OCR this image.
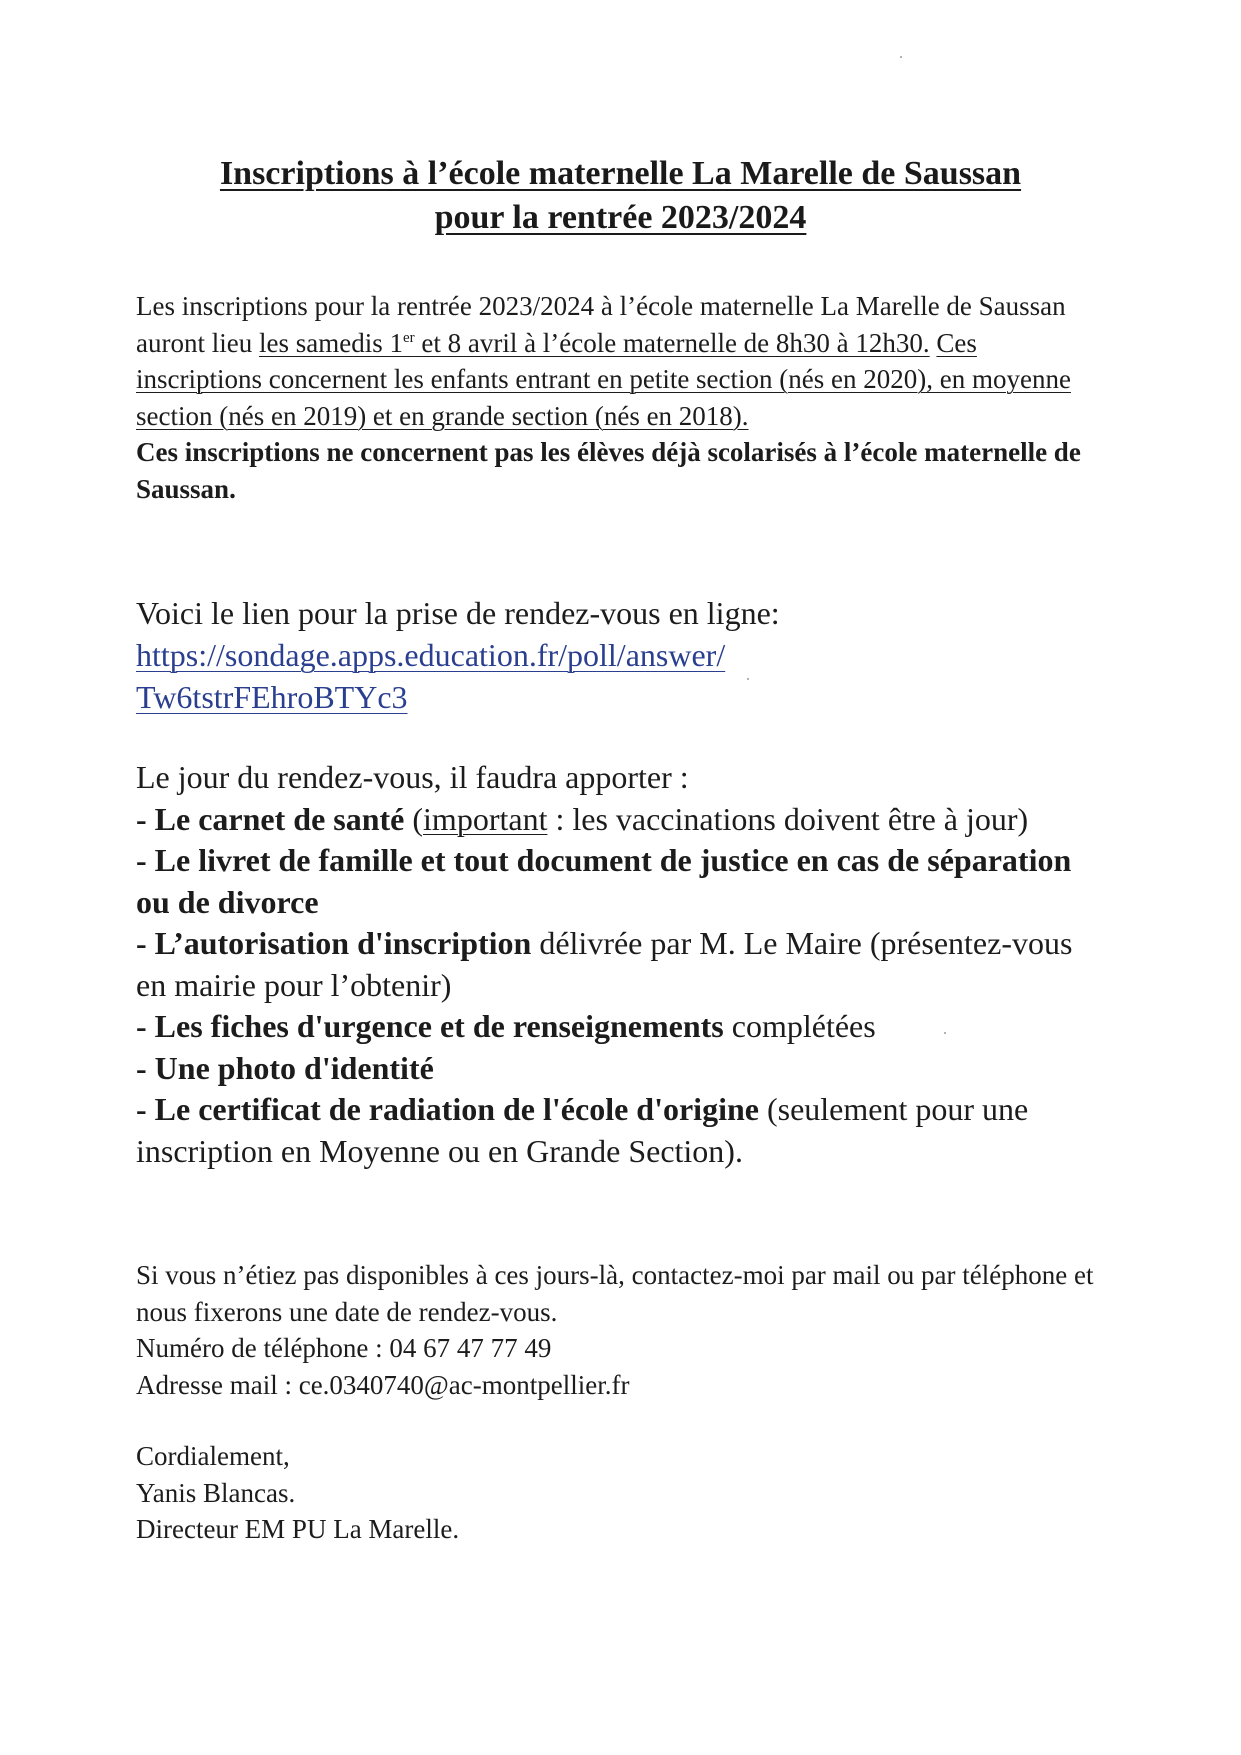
Inscriptions à l’école maternelle La Marelle de Saussan
pour la rentrée 2023/2024
Les inscriptions pour la rentrée 2023/2024 à l’école maternelle La Marelle de Saussan auront lieu les samedis 1er et 8 avril à l’école maternelle de 8h30 à 12h30. Ces inscriptions concernent les enfants entrant en petite section (nés en 2020), en moyenne section (nés en 2019) et en grande section (nés en 2018).
Ces inscriptions ne concernent pas les élèves déjà scolarisés à l’école maternelle de Saussan.
Voici le lien pour la prise de rendez-vous en ligne:
https://sondage.apps.education.fr/poll/answer/
Tw6tstrFEhroBTYc3

Le jour du rendez-vous, il faudra apporter :

- Le carnet de santé (important : les vaccinations doivent être à jour)

- Le livret de famille et tout document de justice en cas de séparation ou de divorce

- L’autorisation d'inscription délivrée par M. Le Maire (présentez-vous en mairie pour l’obtenir)

- Les fiches d'urgence et de renseignements complétées

- Une photo d'identité

- Le certificat de radiation de l'école d'origine (seulement pour une inscription en Moyenne ou en Grande Section).

Si vous n’étiez pas disponibles à ces jours-là, contactez-moi par mail ou par téléphone et nous fixerons une date de rendez-vous.

Numéro de téléphone : 04 67 47 77 49

Adresse mail : ce.0340740@ac-montpellier.fr

Cordialement,

Yanis Blancas.

Directeur EM PU La Marelle.
